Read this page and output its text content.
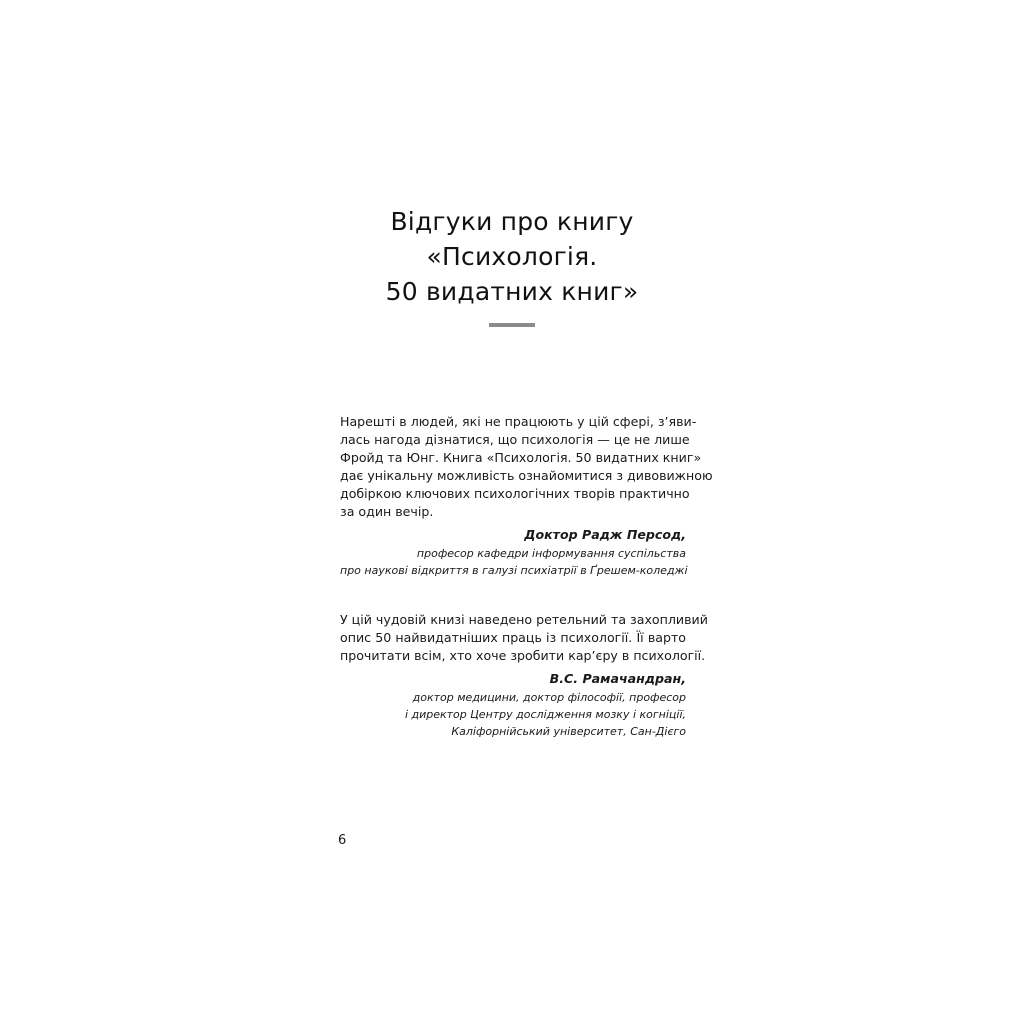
Відгуки про книгу
«Психологія.
50 видатних книг»
Нарешті в людей, які не працюють у цій сфері, з’яви-
лась нагода дізнатися, що психологія — це не лише
Фройд та Юнг. Книга «Психологія. 50 видатних книг»
дає унікальну можливість ознайомитися з дивовижною
добіркою ключових психологічних творів практично
за один вечір.
Доктор Радж Персод,
професор кафедри інформування суспільства
про наукові відкриття в галузі психіатрії в Ґрешем-коледжі
У цій чудовій книзі наведено ретельний та захопливий
опис 50 найвидатніших праць із психології. Її варто
прочитати всім, хто хоче зробити кар’єру в психології.
В.С. Рамачандран,
доктор медицини, доктор філософії, професор
і директор Центру дослідження мозку і когніції,
Каліфорнійський університет, Сан-Дієго
6
